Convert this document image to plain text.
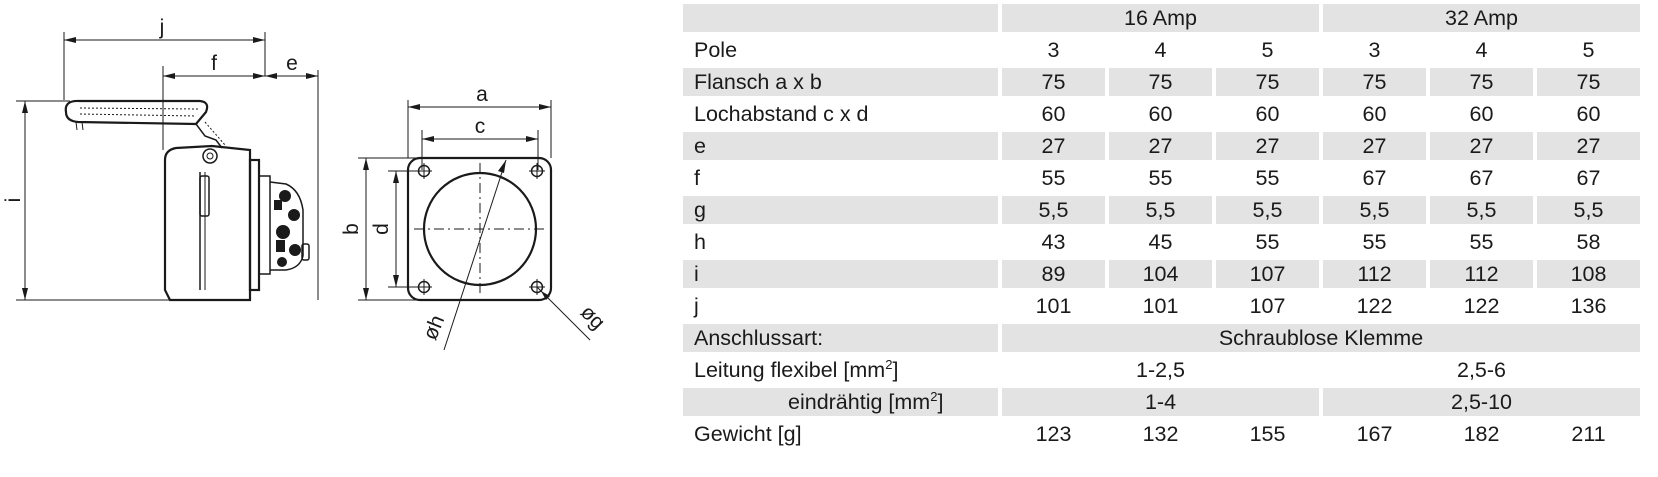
j
f	e
i
a
c
b d
øh	øg
	16 Amp			32 Amp		
Pole	3	4	5	3	4	5
Flansch a x b	75	75	75	75	75	75
Lochabstand c x d	60	60	60	60	60	60
e	27	27	27	27	27	27
f	55	55	55	67	67	67
g	5,5	5,5	5,5	5,5	5,5	5,5
h	43	45	55	55	55	58
i	89	104	107	112	112	108
j	101	101	107	122	122	136
Anschlussart:	Schraublose Klemme					
Leitung flexibel $[mm^2]$	1-2,5			2,5-6		
eindrähtig $[mm^2]$	1-4			2,5-10		
Gewicht [g]	123	132	155	167	182	211
